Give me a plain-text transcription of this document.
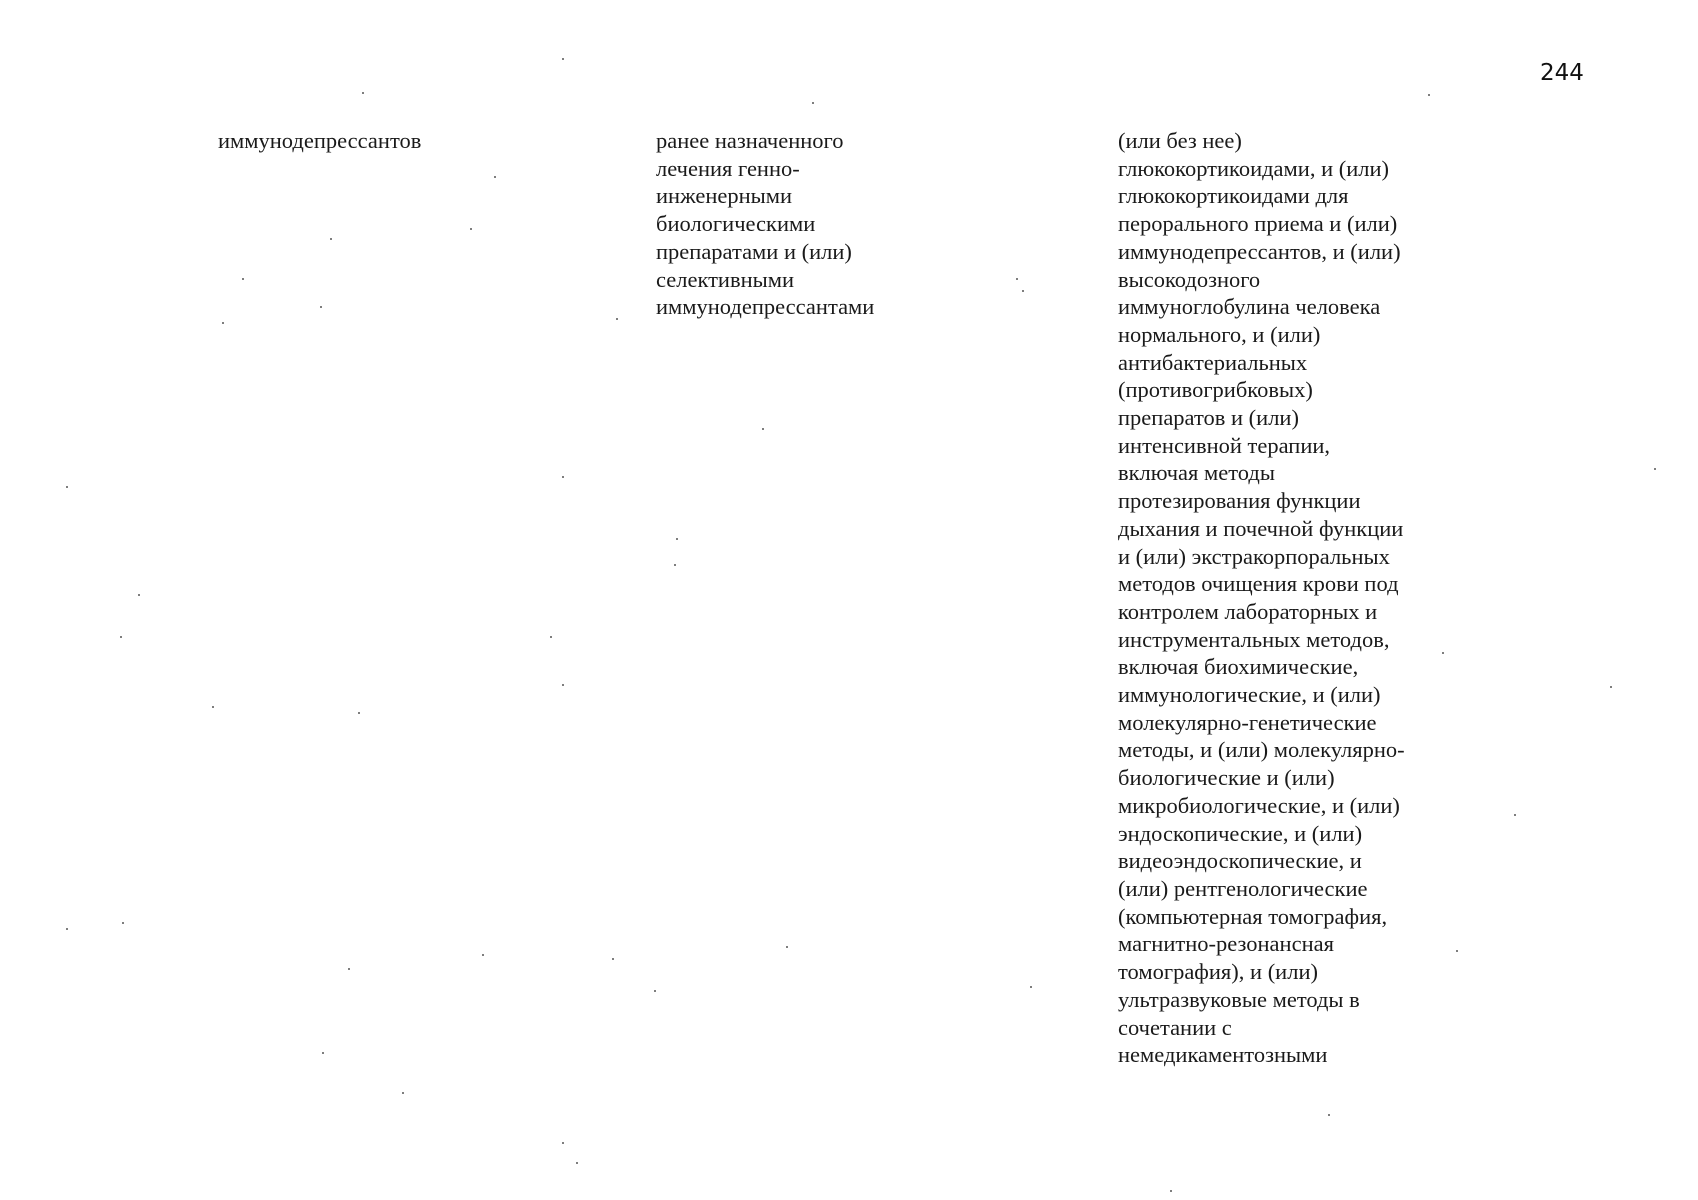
244
иммунодепрессантов	ранее назначенного
лечения генно-
инженерными
биологическими
препаратами и (или)
селективными
иммунодепрессантами
(или без нее)
глюкокортикоидами, и (или)
глюкокортикоидами для
перорального приема и (или)
иммунодепрессантов, и (или)
высокодозного
иммуноглобулина человека
нормального, и (или)
антибактериальных
(противогрибковых)
препаратов и (или)
интенсивной терапии,
включая методы
протезирования функции
дыхания и почечной функции
и (или) экстракорпоральных
методов очищения крови под
контролем лабораторных и
инструментальных методов,
включая биохимические,
иммунологические, и (или)
молекулярно-генетические
методы, и (или) молекулярно-
биологические и (или)
микробиологические, и (или)
эндоскопические, и (или)
видеоэндоскопические, и
(или) рентгенологические
(компьютерная томография,
магнитно-резонансная
томография), и (или)
ультразвуковые методы в
сочетании с
немедикаментозными
